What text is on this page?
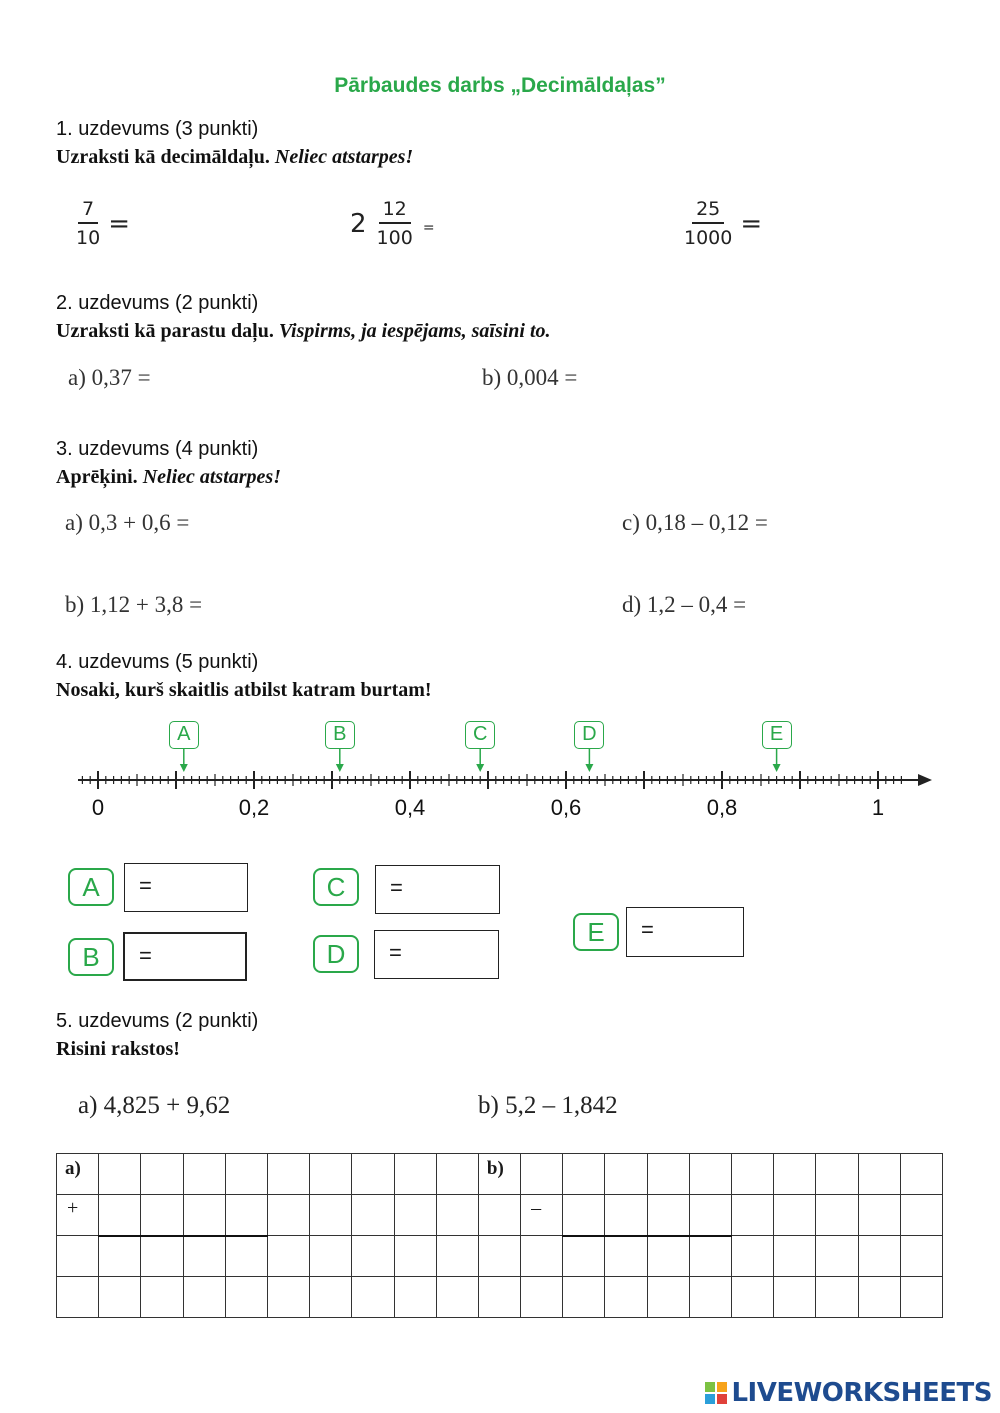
Pārbaudes darbs „Decimāldaļas”
1. uzdevums (3 punkti)
Uzraksti kā decimāldaļu. Neliec atstarpes!
$\frac{7}{10}$ =	$2 \frac{12}{100}$ =	$\frac{25}{1000}$ =
2. uzdevums (2 punkti)
Uzraksti kā parastu daļu. Vispirms, ja iespējams, saīsini to.
a) 0,37 =	b) 0,004 =
3. uzdevums (4 punkti)
Aprēķini. Neliec atstarpes!
a) 0,3 + 0,6 =
b) 1,12 + 3,8 =
c) 0,18 – 0,12 =
d) 1,2 – 0,4 =
4. uzdevums (5 punkti)
Nosaki, kurš skaitlis atbilst katram burtam!
0	0,2	0,4	0,6	0,8	1
A	B	C	D	E
A	=
B	=
C	=
D	=
E	=
5. uzdevums (2 punkti)
Risini rakstos!
a) 4,825 + 9,62	b) 5,2 – 1,842
a)										b)										

+											–									

LIVEWORKSHEETS
